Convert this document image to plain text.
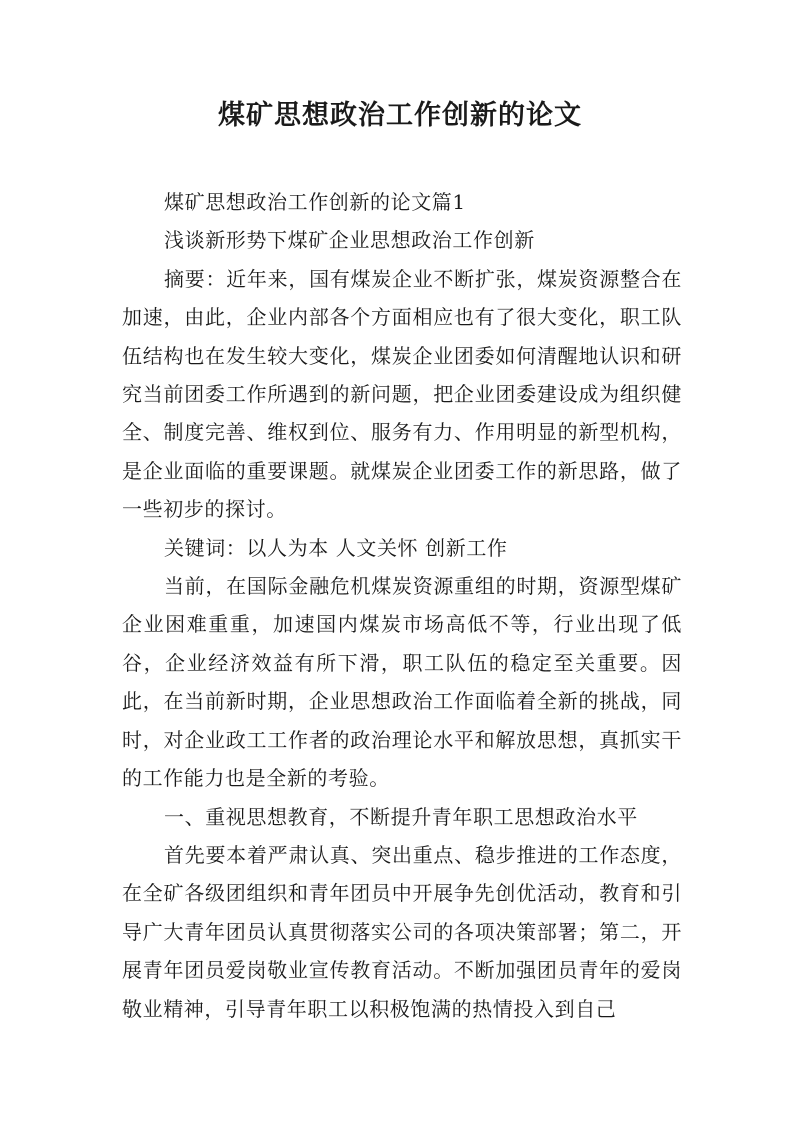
煤矿思想政治工作创新的论文

煤矿思想政治工作创新的论文篇1

浅谈新形势下煤矿企业思想政治工作创新

摘要：近年来，国有煤炭企业不断扩张，煤炭资源整合在加速，由此，企业内部各个方面相应也有了很大变化，职工队伍结构也在发生较大变化，煤炭企业团委如何清醒地认识和研究当前团委工作所遇到的新问题，把企业团委建设成为组织健全、制度完善、维权到位、服务有力、作用明显的新型机构，是企业面临的重要课题。就煤炭企业团委工作的新思路，做了一些初步的探讨。

关键词：以人为本 人文关怀 创新工作

当前，在国际金融危机煤炭资源重组的时期，资源型煤矿企业困难重重，加速国内煤炭市场高低不等，行业出现了低谷，企业经济效益有所下滑，职工队伍的稳定至关重要。因此，在当前新时期，企业思想政治工作面临着全新的挑战，同时，对企业政工工作者的政治理论水平和解放思想，真抓实干的工作能力也是全新的考验。

一、重视思想教育，不断提升青年职工思想政治水平

首先要本着严肃认真、突出重点、稳步推进的工作态度，在全矿各级团组织和青年团员中开展争先创优活动，教育和引导广大青年团员认真贯彻落实公司的各项决策部署；第二，开展青年团员爱岗敬业宣传教育活动。不断加强团员青年的爱岗敬业精神，引导青年职工以积极饱满的热情投入到自己
